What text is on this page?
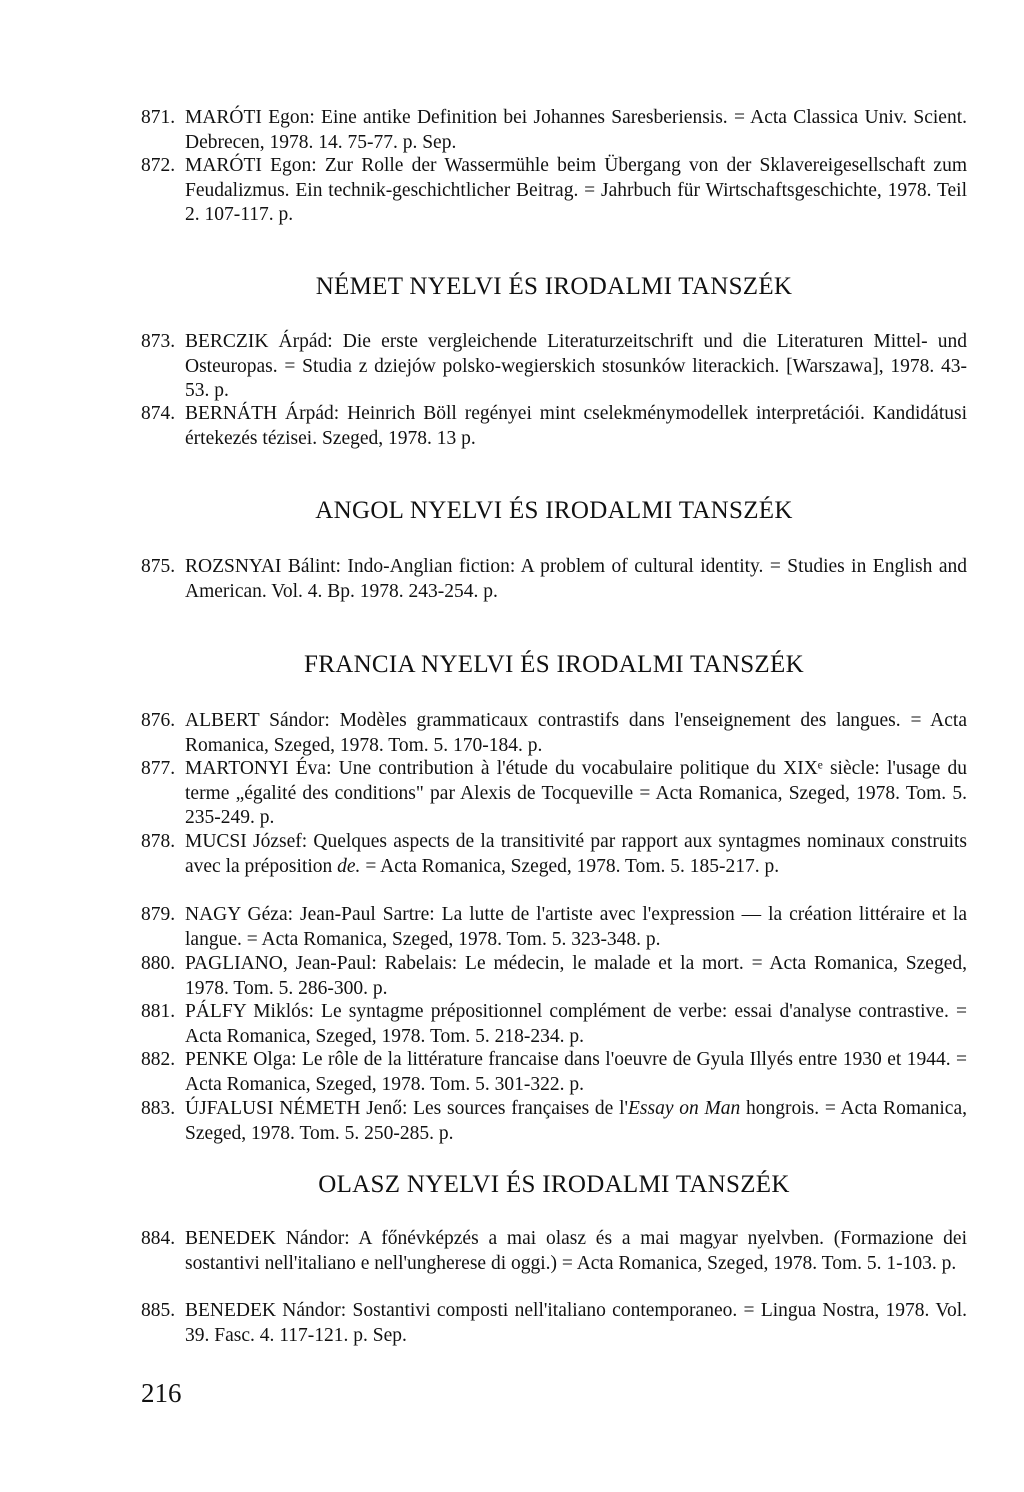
871. MARÓTI Egon: Eine antike Definition bei Johannes Saresberiensis. = Acta Classica Univ. Scient. Debrecen, 1978. 14. 75-77. p. Sep.
872. MARÓTI Egon: Zur Rolle der Wassermühle beim Übergang von der Sklavereigesellschaft zum Feudalizmus. Ein technik-geschichtlicher Beitrag. = Jahrbuch für Wirtschaftsgeschichte, 1978. Teil 2. 107-117. p.
NÉMET NYELVI ÉS IRODALMI TANSZÉK
873. BERCZIK Árpád: Die erste vergleichende Literaturzeitschrift und die Literaturen Mittel- und Osteuropas. = Studia z dziejów polsko-wegierskich stosunków literackich. [Warszawa], 1978. 43-53. p.
874. BERNÁTH Árpád: Heinrich Böll regényei mint cselekménymodellek interpretációi. Kandidátusi értekezés tézisei. Szeged, 1978. 13 p.
ANGOL NYELVI ÉS IRODALMI TANSZÉK
875. ROZSNYAI Bálint: Indo-Anglian fiction: A problem of cultural identity. = Studies in English and American. Vol. 4. Bp. 1978. 243-254. p.
FRANCIA NYELVI ÉS IRODALMI TANSZÉK
876. ALBERT Sándor: Modèles grammaticaux contrastifs dans l'enseignement des langues. = Acta Romanica, Szeged, 1978. Tom. 5. 170-184. p.
877. MARTONYI Éva: Une contribution à l'étude du vocabulaire politique du XIXᵉ siècle: l'usage du terme „égalité des conditions" par Alexis de Tocqueville = Acta Romanica, Szeged, 1978. Tom. 5. 235-249. p.
878. MUCSI József: Quelques aspects de la transitivité par rapport aux syntagmes nominaux construits avec la préposition de. = Acta Romanica, Szeged, 1978. Tom. 5. 185-217. p.
879. NAGY Géza: Jean-Paul Sartre: La lutte de l'artiste avec l'expression — la création littéraire et la langue. = Acta Romanica, Szeged, 1978. Tom. 5. 323-348. p.
880. PAGLIANO, Jean-Paul: Rabelais: Le médecin, le malade et la mort. = Acta Romanica, Szeged, 1978. Tom. 5. 286-300. p.
881. PÁLFY Miklós: Le syntagme prépositionnel complément de verbe: essai d'analyse contrastive. = Acta Romanica, Szeged, 1978. Tom. 5. 218-234. p.
882. PENKE Olga: Le rôle de la littérature francaise dans l'oeuvre de Gyula Illyés entre 1930 et 1944. = Acta Romanica, Szeged, 1978. Tom. 5. 301-322. p.
883. ÚJFALUSI NÉMETH Jenő: Les sources françaises de l'Essay on Man hongrois. = Acta Romanica, Szeged, 1978. Tom. 5. 250-285. p.
OLASZ NYELVI ÉS IRODALMI TANSZÉK
884. BENEDEK Nándor: A főnévképzés a mai olasz és a mai magyar nyelvben. (Formazione dei sostantivi nell'italiano e nell'ungherese di oggi.) = Acta Romanica, Szeged, 1978. Tom. 5. 1-103. p.
885. BENEDEK Nándor: Sostantivi composti nell'italiano contemporaneo. = Lingua Nostra, 1978. Vol. 39. Fasc. 4. 117-121. p. Sep.
216
